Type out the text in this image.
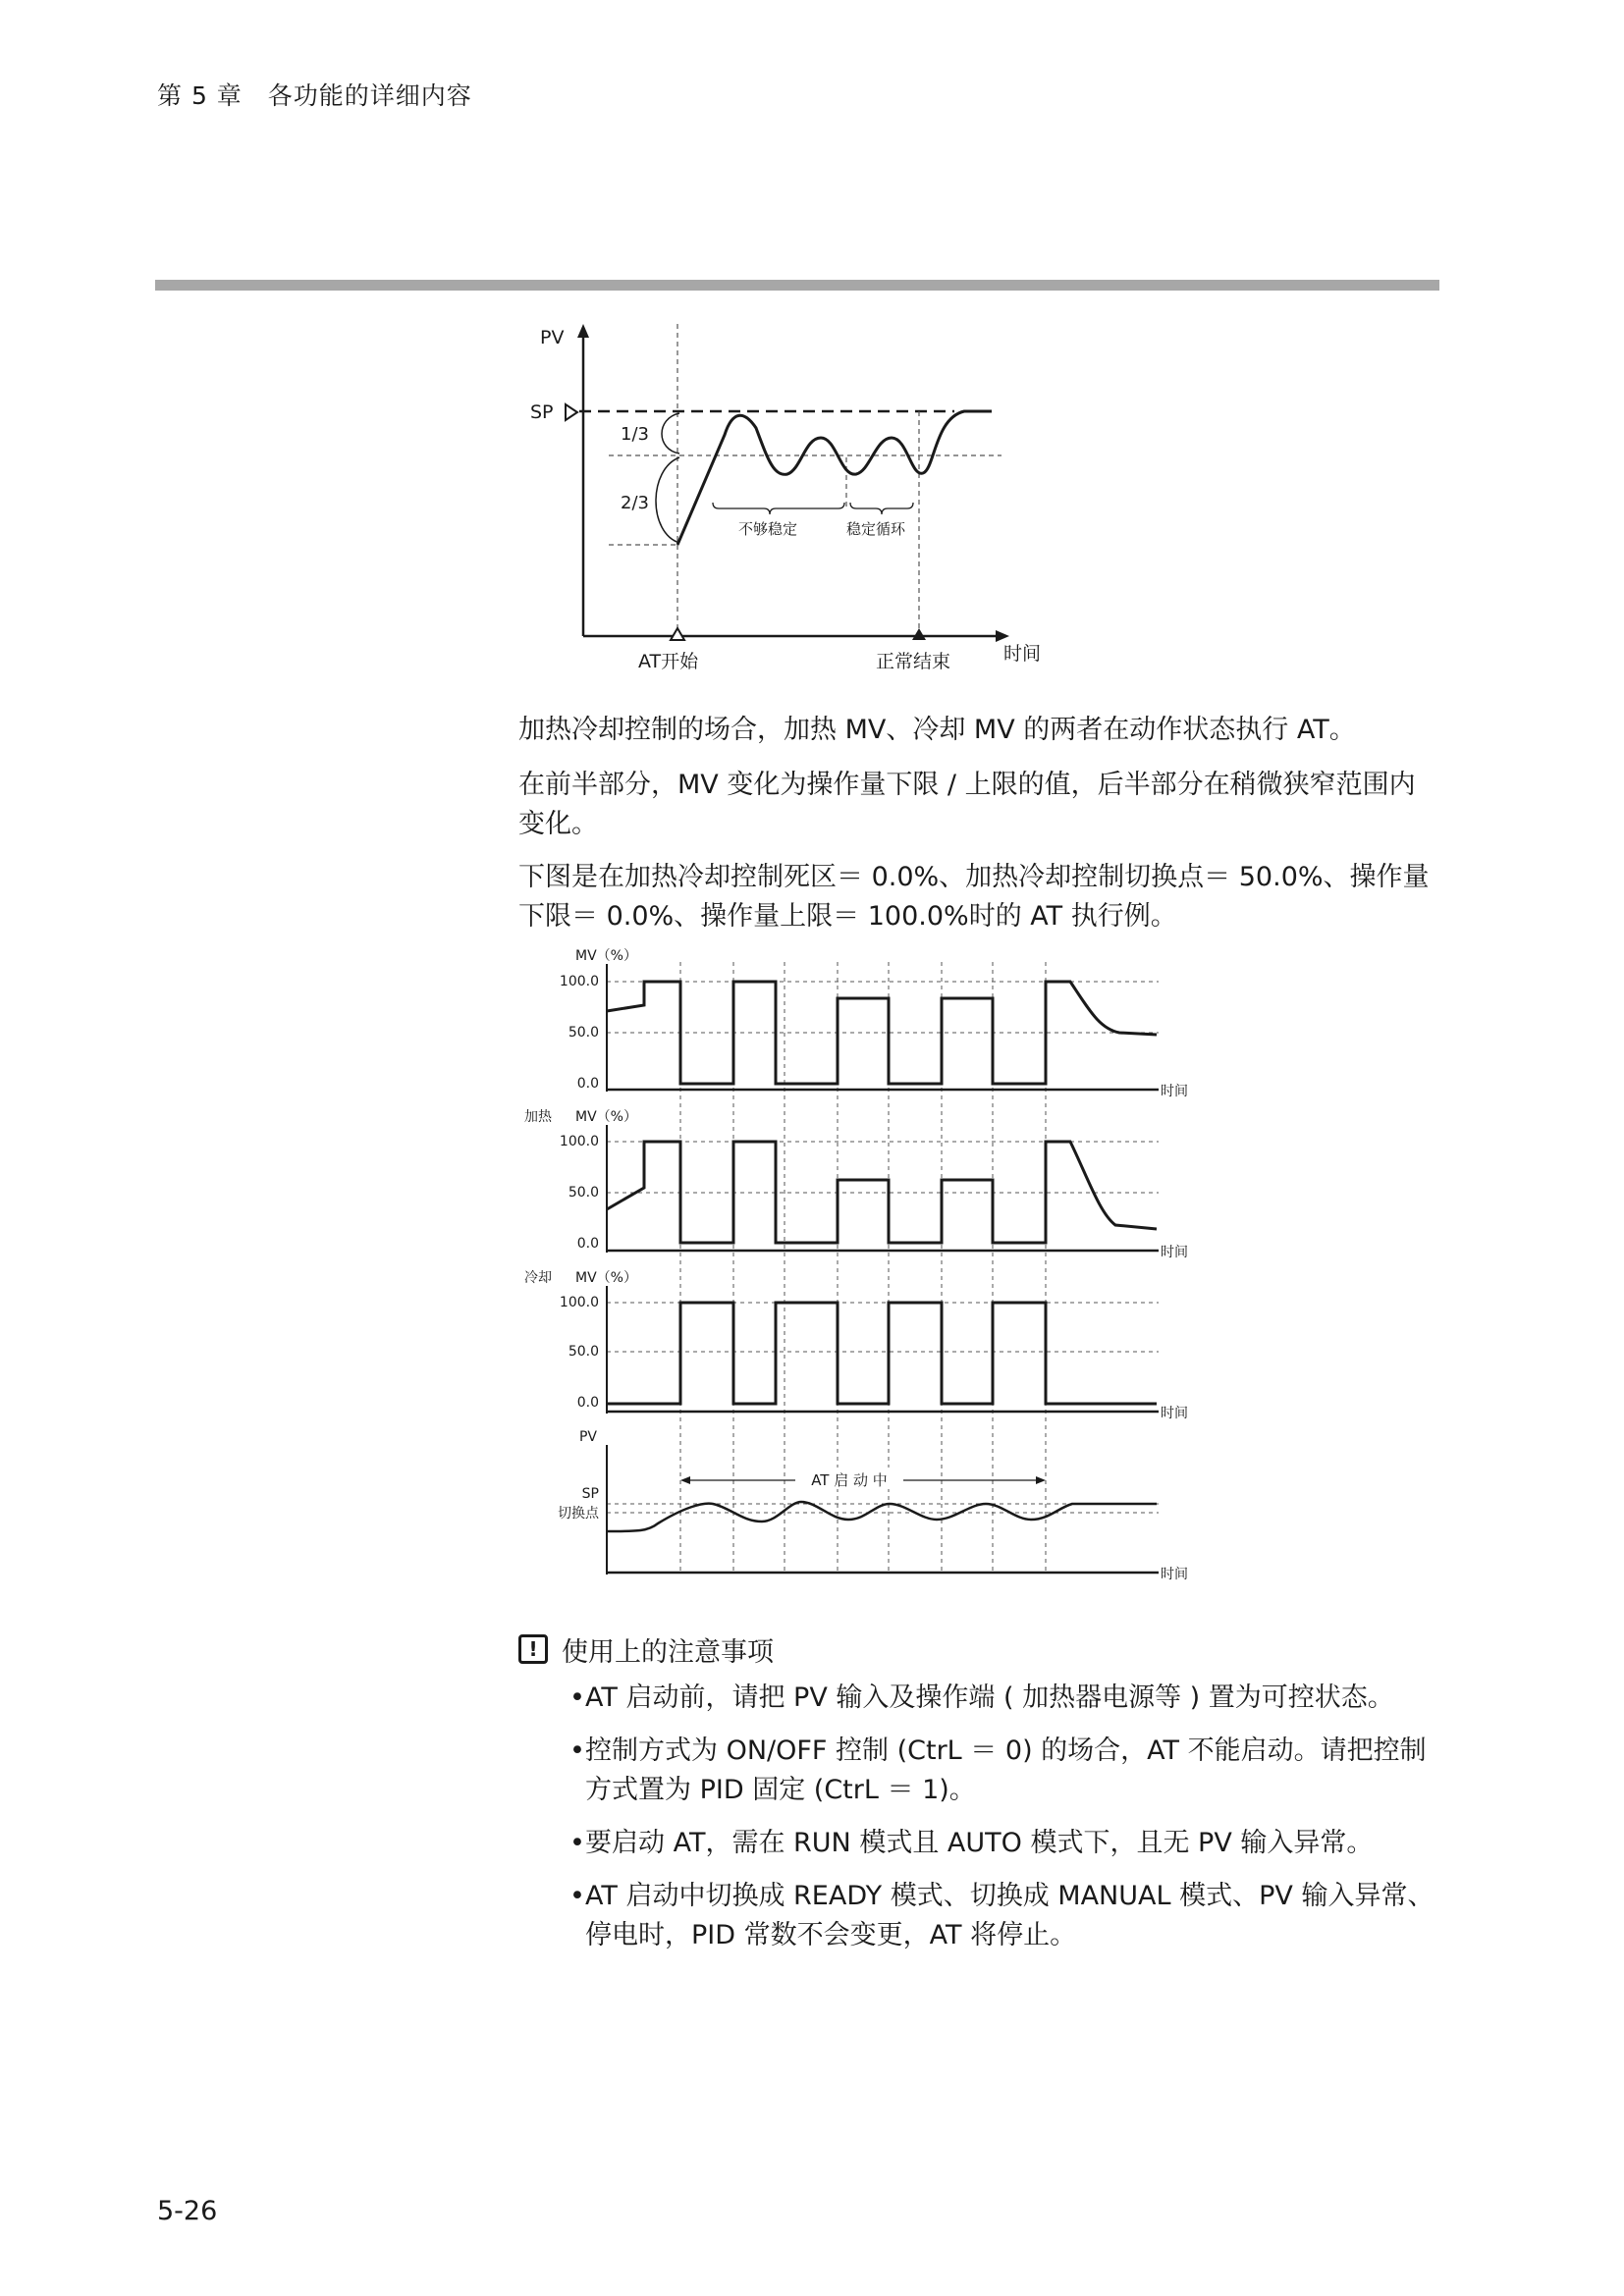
第 5 章　各功能的详细内容
PV
时间
SP
1/3
2/3
不够稳定	稳定循环
AT开始	正常结束

加热冷却控制的场合，加热 MV、冷却 MV 的两者在动作状态执行 AT。

在前半部分，MV 变化为操作量下限 / 上限的值，后半部分在稍微狭窄范围内变化。

下图是在加热冷却控制死区＝ 0.0%、加热冷却控制切换点＝ 50.0%、操作量下限＝ 0.0%、操作量上限＝ 100.0%时的 AT 执行例。

MV（%）
100.0
50.0
0.0	时间
加热 MV（%）
100.0
50.0
0.0
时间
冷却 MV（%）
100.0
50.0
0.0
时间
PV
SP
切换点
时间
AT 启 动 中
! 使用上的注意事项
• AT 启动前，请把 PV 输入及操作端 ( 加热器电源等 ) 置为可控状态。
• 控制方式为 ON/OFF 控制 (CtrL ＝ 0) 的场合，AT 不能启动。请把控制方式置为 PID 固定 (CtrL ＝ 1)。
• 要启动 AT，需在 RUN 模式且 AUTO 模式下，且无 PV 输入异常。
• AT 启动中切换成 READY 模式、切换成 MANUAL 模式、PV 输入异常、停电时，PID 常数不会变更，AT 将停止。
5-26
